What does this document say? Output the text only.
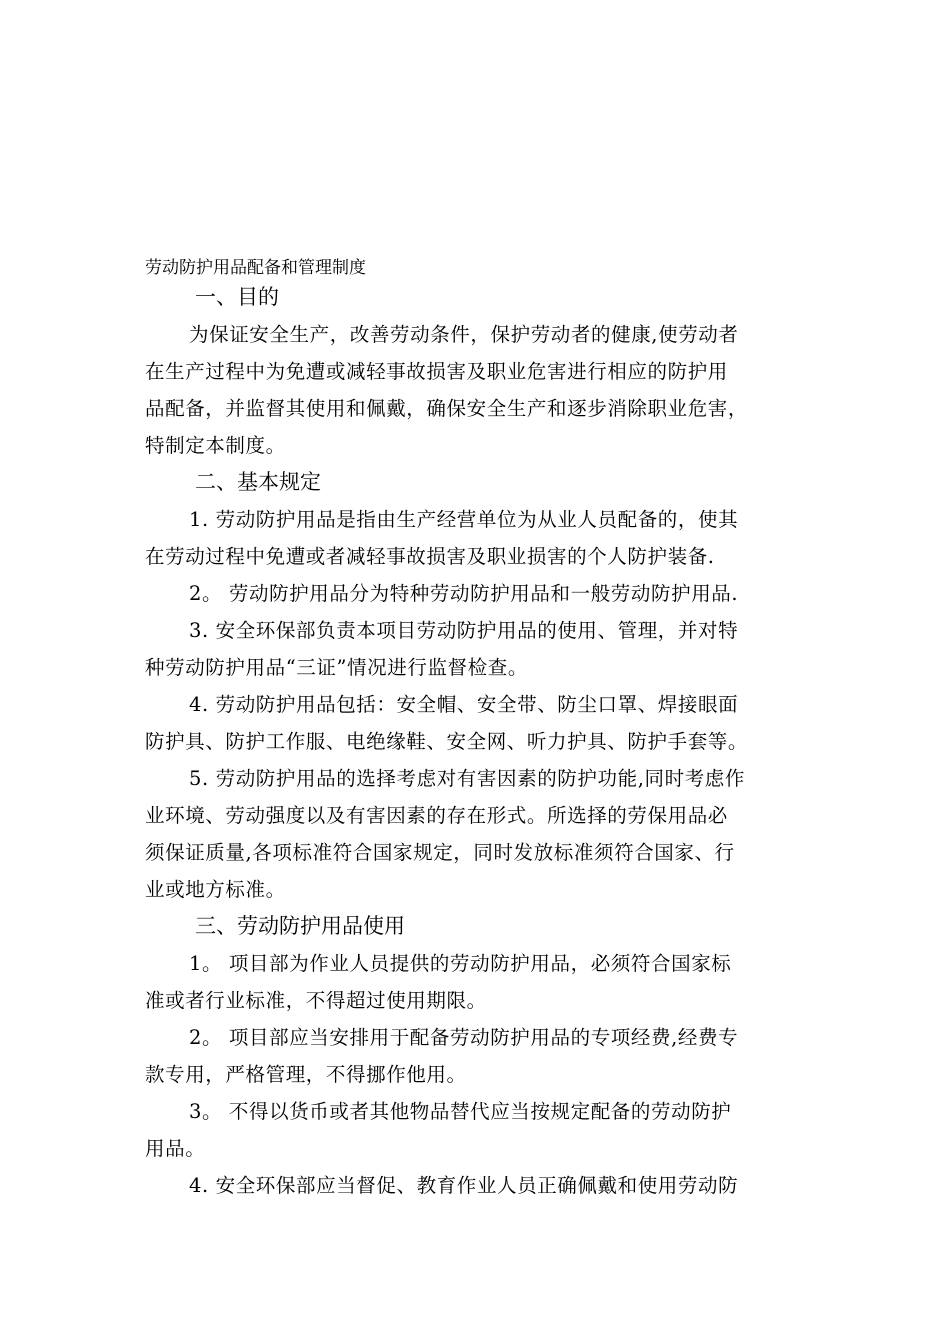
劳动防护用品配备和管理制度
一、目的
为保证安全生产，改善劳动条件，保护劳动者的健康,使劳动者
在生产过程中为免遭或减轻事故损害及职业危害进行相应的防护用
品配备，并监督其使用和佩戴，确保安全生产和逐步消除职业危害，
特制定本制度。
二、基本规定
1. 劳动防护用品是指由生产经营单位为从业人员配备的，使其
在劳动过程中免遭或者减轻事故损害及职业损害的个人防护装备.
2。 劳动防护用品分为特种劳动防护用品和一般劳动防护用品.
3. 安全环保部负责本项目劳动防护用品的使用、管理，并对特
种劳动防护用品“三证”情况进行监督检查。
4. 劳动防护用品包括：安全帽、安全带、防尘口罩、焊接眼面
防护具、防护工作服、电绝缘鞋、安全网、听力护具、防护手套等。
5. 劳动防护用品的选择考虑对有害因素的防护功能,同时考虑作
业环境、劳动强度以及有害因素的存在形式。所选择的劳保用品必
须保证质量,各项标准符合国家规定，同时发放标准须符合国家、行
业或地方标准。
三、劳动防护用品使用
1。 项目部为作业人员提供的劳动防护用品，必须符合国家标
准或者行业标准，不得超过使用期限。
2。 项目部应当安排用于配备劳动防护用品的专项经费,经费专
款专用，严格管理，不得挪作他用。
3。 不得以货币或者其他物品替代应当按规定配备的劳动防护
用品。
4. 安全环保部应当督促、教育作业人员正确佩戴和使用劳动防
